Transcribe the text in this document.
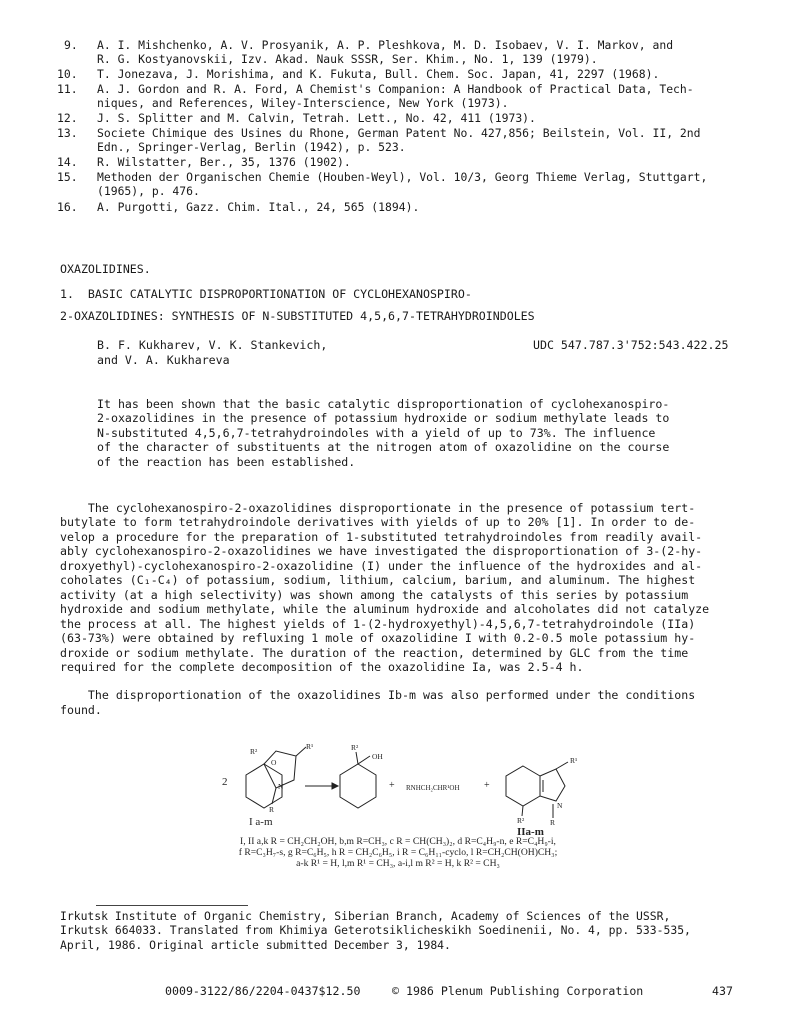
9. A. I. Mishchenko, A. V. Prosyanik, A. P. Pleshkova, M. D. Isobaev, V. I. Markov, and
R. G. Kostyanovskii, Izv. Akad. Nauk SSSR, Ser. Khim., No. 1, 139 (1979).
10. T. Jonezava, J. Morishima, and K. Fukuta, Bull. Chem. Soc. Japan, 41, 2297 (1968).
11. A. J. Gordon and R. A. Ford, A Chemist's Companion: A Handbook of Practical Data, Tech-
niques, and References, Wiley-Interscience, New York (1973).
12. J. S. Splitter and M. Calvin, Tetrah. Lett., No. 42, 411 (1973).
13. Societe Chimique des Usines du Rhone, German Patent No. 427,856; Beilstein, Vol. II, 2nd
Edn., Springer-Verlag, Berlin (1942), p. 523.
14. R. Wilstatter, Ber., 35, 1376 (1902).
15. Methoden der Organischen Chemie (Houben-Weyl), Vol. 10/3, Georg Thieme Verlag, Stuttgart,
(1965), p. 476.
16. A. Purgotti, Gazz. Chim. Ital., 24, 565 (1894).
OXAZOLIDINES.
1.  BASIC CATALYTIC DISPROPORTIONATION OF CYCLOHEXANOSPIRO-
2-OXAZOLIDINES: SYNTHESIS OF N-SUBSTITUTED 4,5,6,7-TETRAHYDROINDOLES
B. F. Kukharev, V. K. Stankevich,
and V. A. Kukhareva
UDC 547.787.3'752:543.422.25
It has been shown that the basic catalytic disproportionation of cyclohexanospiro-
2-oxazolidines in the presence of potassium hydroxide or sodium methylate leads to
N-substituted 4,5,6,7-tetrahydroindoles with a yield of up to 73%. The influence
of the character of substituents at the nitrogen atom of oxazolidine on the course
of the reaction has been established.
The cyclohexanospiro-2-oxazolidines disproportionate in the presence of potassium tert-
butylate to form tetrahydroindole derivatives with yields of up to 20% [1]. In order to de-
velop a procedure for the preparation of 1-substituted tetrahydroindoles from readily avail-
ably cyclohexanospiro-2-oxazolidines we have investigated the disproportionation of 3-(2-hy-
droxyethyl)-cyclohexanospiro-2-oxazolidine (I) under the influence of the hydroxides and al-
coholates (C₁-C₄) of potassium, sodium, lithium, calcium, barium, and aluminum. The highest
activity (at a high selectivity) was shown among the catalysts of this series by potassium
hydroxide and sodium methylate, while the aluminum hydroxide and alcoholates did not catalyze
the process at all. The highest yields of 1-(2-hydroxyethyl)-4,5,6,7-tetrahydroindole (IIa)
(63-73%) were obtained by refluxing 1 mole of oxazolidine I with 0.2-0.5 mole potassium hy-
droxide or sodium methylate. The duration of the reaction, determined by GLC from the time
required for the complete decomposition of the oxazolidine Ia, was 2.5-4 h.
The disproportionation of the oxazolidines Ib-m was also performed under the conditions
found.
2
R²
R¹
O
N
R
R²
OH
+ RNHCH₂CHR¹OH +
R¹
R²
N
R
I a-m
IIa-m
I, II a,k R = CH₂CH₂OH, b,m R=CH₃, c R = CH(CH₃)₂, d R=C₄H₉-n, e R=C₄H₉-i,
f R=C₃H₇-s, g R=C₆H₅, h R = CH₂C₆H₅, i R = C₆H₁₁-cyclo, l R=CH₂CH(OH)CH₃;
a-k R¹ = H, l,m R¹ = CH₃, a-i,l m R² = H, k R² = CH₃
Irkutsk Institute of Organic Chemistry, Siberian Branch, Academy of Sciences of the USSR,
Irkutsk 664033. Translated from Khimiya Geterotsiklicheskikh Soedinenii, No. 4, pp. 533-535,
April, 1986. Original article submitted December 3, 1984.
0009-3122/86/2204-0437$12.50	© 1986 Plenum Publishing Corporation	437
